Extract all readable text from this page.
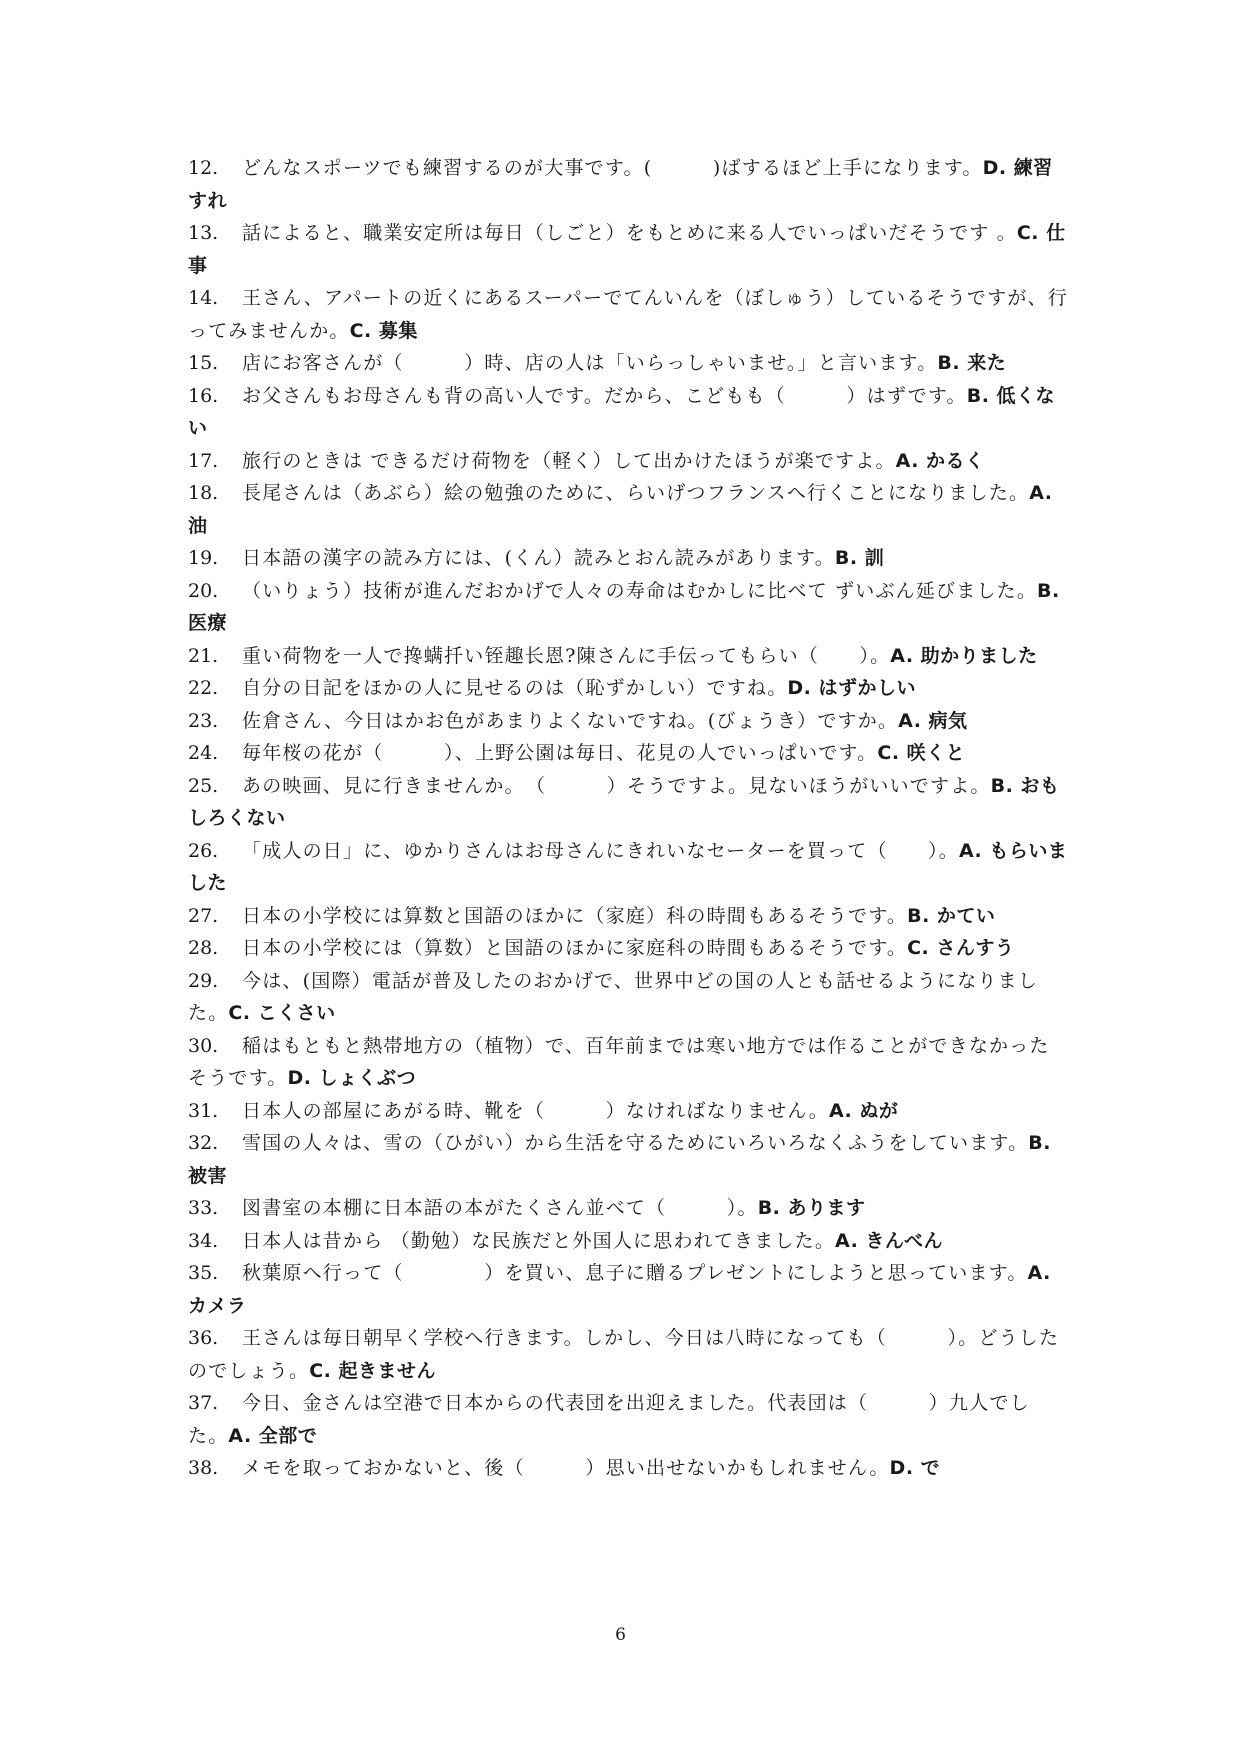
12. どんなスポーツでも練習するのが大事です。(　　　)ばするほど上手になります。D. 練習すれ
13. 話によると、職業安定所は毎日（しごと）をもとめに来る人でいっぱいだそうです 。C. 仕事
14. 王さん、アパートの近くにあるスーパーでてんいんを（ぼしゅう）しているそうですが、行ってみませんか。C. 募集
15. 店にお客さんが（　　　）時、店の人は「いらっしゃいませ。」と言います。B. 来た
16. お父さんもお母さんも背の高い人です。だから、こどもも（　　　）はずです。B. 低くない
17. 旅行のときは できるだけ荷物を（軽く）して出かけたほうが楽ですよ。A. かるく
18. 長尾さんは（あぶら）絵の勉強のために、らいげつフランスへ行くことになりました。A. 油
19. 日本語の漢字の読み方には、(くん）読みとおん読みがあります。B. 訓
20. （いりょう）技術が進んだおかげで人々の寿命はむかしに比べて ずいぶん延びました。B. 医療
21. 重い荷物を一人で搀螨扦い铚趣长恩?陳さんに手伝ってもらい（　　）。A. 助かりました
22. 自分の日記をほかの人に見せるのは（恥ずかしい）ですね。D. はずかしい
23. 佐倉さん、今日はかお色があまりよくないですね。(びょうき）ですか。A. 病気
24. 毎年桜の花が（　　　）、上野公園は毎日、花見の人でいっぱいです。C. 咲くと
25. あの映画、見に行きませんか。　（　　　）そうですよ。見ないほうがいいですよ。B. おもしろくない
26. 「成人の日」に、ゆかりさんはお母さんにきれいなセーターを買って（　　）。A. もらいました
27. 日本の小学校には算数と国語のほかに（家庭）科の時間もあるそうです。B. かてい
28. 日本の小学校には（算数）と国語のほかに家庭科の時間もあるそうです。C. さんすう
29. 今は、(国際）電話が普及したのおかげで、世界中どの国の人とも話せるようになりました。C. こくさい
30. 稲はもともと熱帯地方の（植物）で、百年前までは寒い地方では作ることができなかったそうです。D. しょくぶつ
31. 日本人の部屋にあがる時、靴を（　　　）なければなりません。A. ぬが
32. 雪国の人々は、雪の（ひがい）から生活を守るためにいろいろなくふうをしています。B. 被害
33. 図書室の本棚に日本語の本がたくさん並べて（　　　）。B. あります
34. 日本人は昔から （勤勉）な民族だと外国人に思われてきました。A. きんべん
35. 秋葉原へ行って（　　　　）を買い、息子に贈るプレゼントにしようと思っています。A. カメラ
36. 王さんは毎日朝早く学校へ行きます。しかし、今日は八時になっても（　　　）。どうしたのでしょう。C. 起きません
37. 今日、金さんは空港で日本からの代表団を出迎えました。代表団は（　　　）九人でした。A. 全部で
38. メモを取っておかないと、後（　　　）思い出せないかもしれません。D. で
6
